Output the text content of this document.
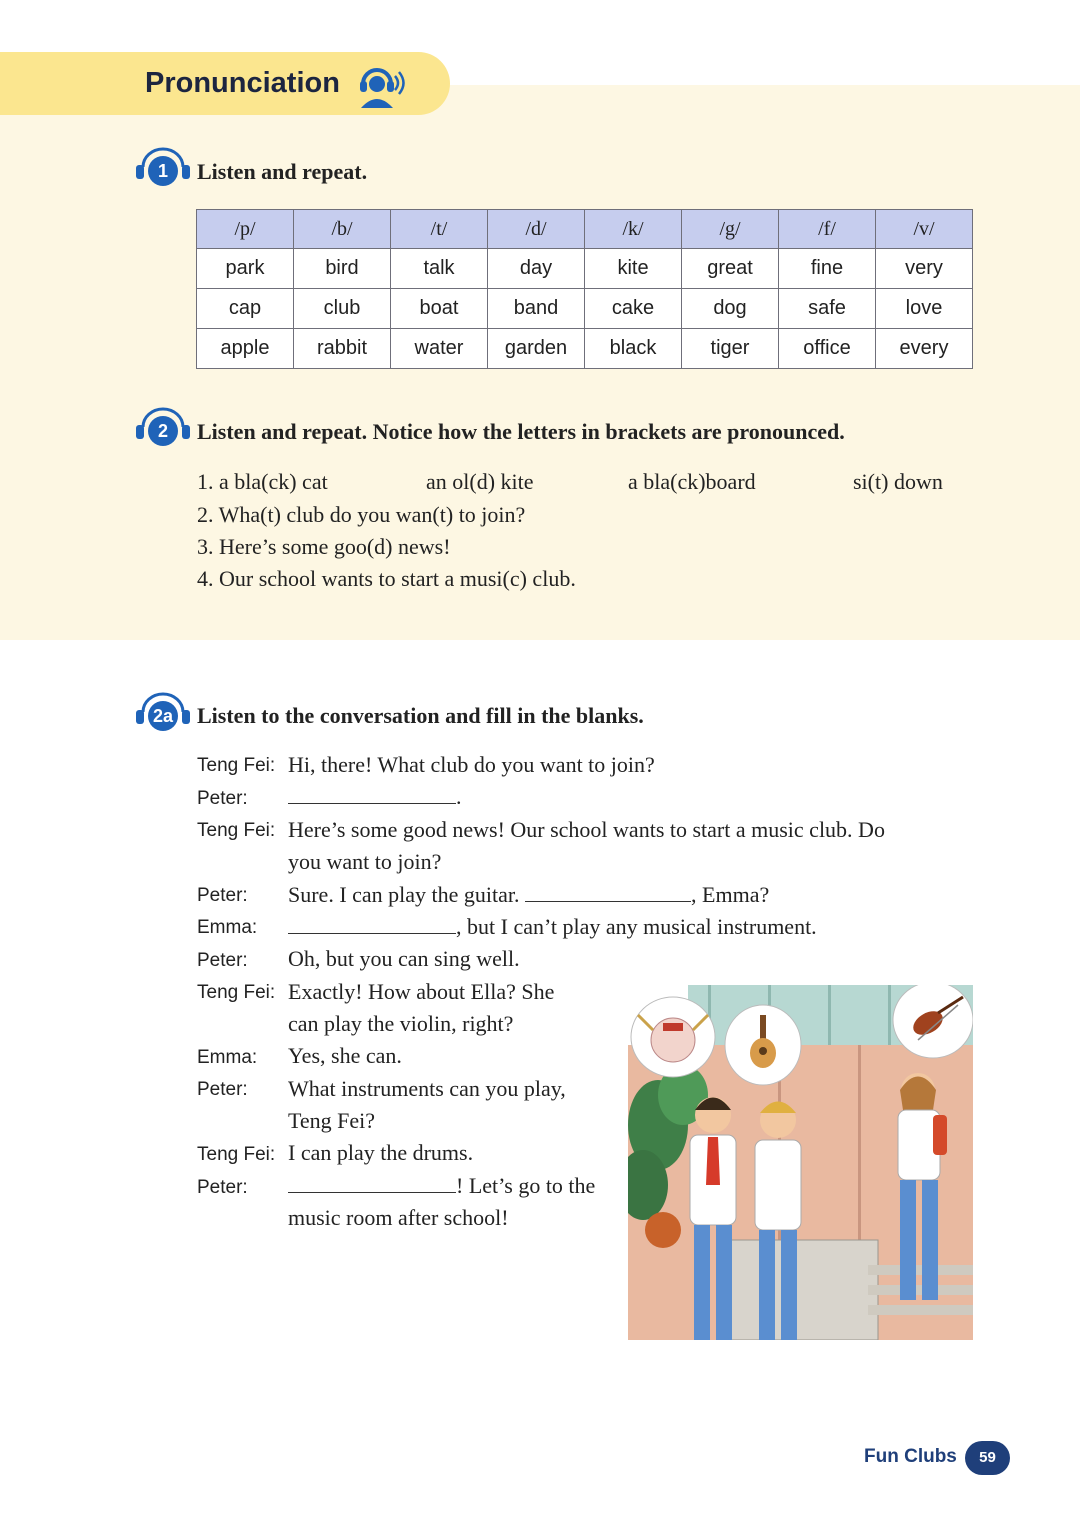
Pronunciation
1	Listen and repeat.
/p/	/b/	/t/	/d/	/k/	/g/	/f/	/v/
park	bird	talk	day	kite	great	fine	very
cap	club	boat	band	cake	dog	safe	love
apple	rabbit	water	garden	black	tiger	office	every
2	Listen and repeat. Notice how the letters in brackets are pronounced.
1. a bla(ck) cat	an ol(d) kite	a bla(ck)board	si(t) down
2. Wha(t) club do you wan(t) to join?
3. Here’s some goo(d) news!
4. Our school wants to start a musi(c) club.
2a Listen to the conversation and fill in the blanks.
Teng Fei: Hi, there! What club do you want to join?
Peter:	.
Teng Fei: Here’s some good news! Our school wants to start a music club. Do
you want to join?
Peter: Sure. I can play the guitar.	, Emma?
Emma:	, but I can’t play any musical instrument.
Peter: Oh, but you can sing well.
Teng Fei: Exactly! How about Ella? She
can play the violin, right?
Emma: Yes, she can.
Peter: What instruments can you play,
Teng Fei?
Teng Fei: I can play the drums.
Peter:	! Let’s go to the
music room after school!
Fun Clubs	59
